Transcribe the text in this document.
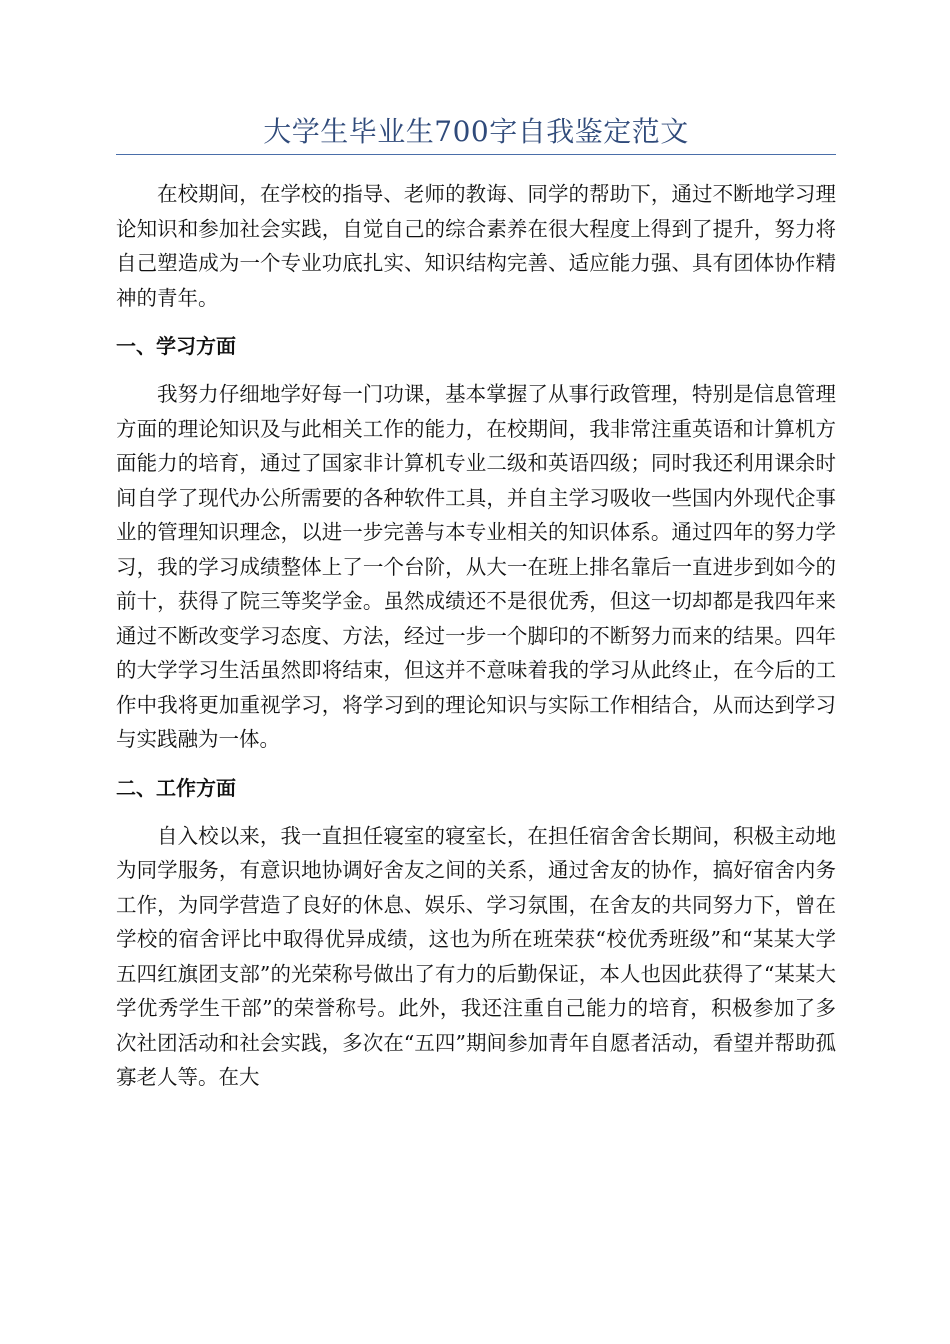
大学生毕业生700字自我鉴定范文

在校期间，在学校的指导、老师的教诲、同学的帮助下，通过不断地学习理论知识和参加社会实践，自觉自己的综合素养在很大程度上得到了提升，努力将自己塑造成为一个专业功底扎实、知识结构完善、适应能力强、具有团体协作精神的青年。

一、学习方面

我努力仔细地学好每一门功课，基本掌握了从事行政管理，特别是信息管理方面的理论知识及与此相关工作的能力，在校期间，我非常注重英语和计算机方面能力的培育，通过了国家非计算机专业二级和英语四级；同时我还利用课余时间自学了现代办公所需要的各种软件工具，并自主学习吸收一些国内外现代企事业的管理知识理念，以进一步完善与本专业相关的知识体系。通过四年的努力学习，我的学习成绩整体上了一个台阶，从大一在班上排名靠后一直进步到如今的前十，获得了院三等奖学金。虽然成绩还不是很优秀，但这一切却都是我四年来通过不断改变学习态度、方法，经过一步一个脚印的不断努力而来的结果。四年的大学学习生活虽然即将结束，但这并不意味着我的学习从此终止，在今后的工作中我将更加重视学习，将学习到的理论知识与实际工作相结合，从而达到学习与实践融为一体。

二、工作方面

自入校以来，我一直担任寝室的寝室长，在担任宿舍舍长期间，积极主动地为同学服务，有意识地协调好舍友之间的关系，通过舍友的协作，搞好宿舍内务工作，为同学营造了良好的休息、娱乐、学习氛围，在舍友的共同努力下，曾在学校的宿舍评比中取得优异成绩，这也为所在班荣获“校优秀班级”和“某某大学五四红旗团支部”的光荣称号做出了有力的后勤保证，本人也因此获得了“某某大学优秀学生干部”的荣誉称号。此外，我还注重自己能力的培育，积极参加了多次社团活动和社会实践，多次在“五四”期间参加青年自愿者活动，看望并帮助孤寡老人等。在大
